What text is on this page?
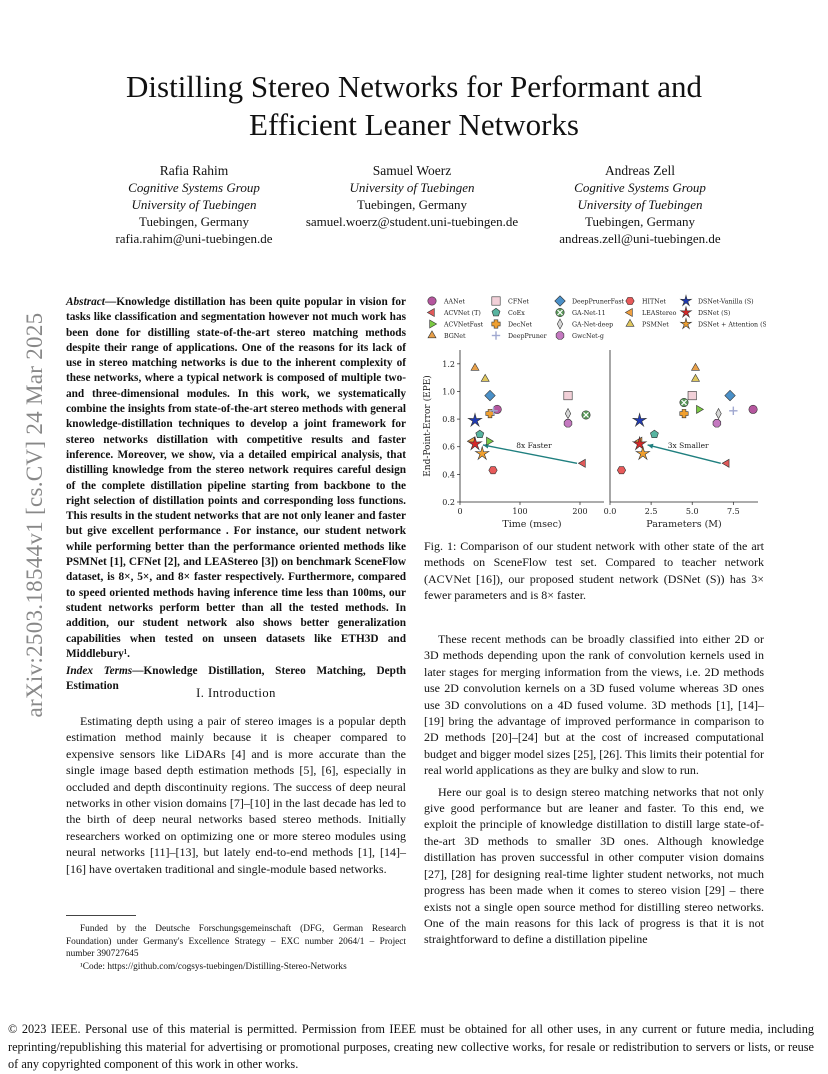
Distilling Stereo Networks for Performant and
Efficient Leaner Networks
Rafia Rahim
Cognitive Systems Group
University of Tuebingen
Tuebingen, Germany
rafia.rahim@uni-tuebingen.de
Samuel Woerz
University of Tuebingen
Tuebingen, Germany
samuel.woerz@student.uni-tuebingen.de
Andreas Zell
Cognitive Systems Group
University of Tuebingen
Tuebingen, Germany
andreas.zell@uni-tuebingen.de
arXiv:2503.18544v1 [cs.CV] 24 Mar 2025
Abstract—Knowledge distillation has been quite popular in vision for tasks like classification and segmentation however not much work has been done for distilling state-of-the-art stereo matching methods despite their range of applications. One of the reasons for its lack of use in stereo matching networks is due to the inherent complexity of these networks, where a typical network is composed of multiple two- and three-dimensional modules. In this work, we systematically combine the insights from state-of-the-art stereo methods with general knowledge-distillation techniques to develop a joint framework for stereo networks distillation with competitive results and faster inference. Moreover, we show, via a detailed empirical analysis, that distilling knowledge from the stereo network requires careful design of the complete distillation pipeline starting from backbone to the right selection of distillation points and corresponding loss functions. This results in the student networks that are not only leaner and faster but give excellent performance . For instance, our student network while performing better than the performance oriented methods like PSMNet [1], CFNet [2], and LEAStereo [3]) on benchmark SceneFlow dataset, is 8×, 5×, and 8× faster respectively. Furthermore, compared to speed oriented methods having inference time less than 100ms, our student networks perform better than all the tested methods. In addition, our student network also shows better generalization capabilities when tested on unseen datasets like ETH3D and Middlebury¹.
Index Terms—Knowledge Distillation, Stereo Matching, Depth Estimation	I. Introduction

Estimating depth using a pair of stereo images is a popular depth estimation method mainly because it is cheaper compared to expensive sensors like LiDARs [4] and is more accurate than the single image based depth estimation methods [5], [6], especially in occluded and depth discontinuity regions. The success of deep neural networks in other vision domains [7]–[10] in the last decade has led to the birth of deep neural networks based stereo methods. Initially researchers worked on optimizing one or more stereo modules using neural networks [11]–[13], but lately end-to-end methods [1], [14]–[16] have overtaken traditional and single-module based networks.

Funded by the Deutsche Forschungsgemeinschaft (DFG, German Research Foundation) under Germany's Excellence Strategy – EXC number 2064/1 – Project number 390727645
¹Code: https://github.com/cogsys-tuebingen/Distilling-Stereo-Networks
AANet
ACVNet (T)
ACVNetFast
BGNet
CFNet
CoEx
DecNet
DeepPruner
DeepPrunerFast
GA-Net-11
GA-Net-deep
GwcNet-g
HITNet
LEAStereo
PSMNet
DSNet-Vanilla (S)
DSNet (S)
DSNet + Attention (S)
0	100	200
0.2
0.4
0.6
0.8
1.0
1.2
End-Point-Error (EPE)
Time (msec)
8x Faster
0.0	2.5	5.0	7.5
Parameters (M)
3x Smaller
Fig. 1: Comparison of our student network with other state of the art methods on SceneFlow test set. Compared to teacher network (ACVNet [16]), our proposed student network (DSNet (S)) has 3× fewer parameters and is 8× faster.

These recent methods can be broadly classified into either 2D or 3D methods depending upon the rank of convolution kernels used in later stages for merging information from the views, i.e. 2D methods use 2D convolution kernels on a 3D fused volume whereas 3D ones use 3D convolutions on a 4D fused volume. 3D methods [1], [14]–[19] bring the advantage of improved performance in comparison to 2D methods [20]–[24] but at the cost of increased computational budget and bigger model sizes [25], [26]. This limits their potential for real world applications as they are bulky and slow to run.

Here our goal is to design stereo matching networks that not only give good performance but are leaner and faster. To this end, we exploit the principle of knowledge distillation to distill large state-of-the-art 3D methods to smaller 3D ones. Although knowledge distillation has proven successful in other computer vision domains [27], [28] for designing real-time lighter student networks, not much progress has been made when it comes to stereo vision [29] – there exists not a single open source method for distilling stereo networks. One of the main reasons for this lack of progress is that it is not straightforward to define a distillation pipeline

© 2023 IEEE. Personal use of this material is permitted. Permission from IEEE must be obtained for all other uses, in any current or future media, including reprinting/republishing this material for advertising or promotional purposes, creating new collective works, for resale or redistribution to servers or lists, or reuse of any copyrighted component of this work in other works.
